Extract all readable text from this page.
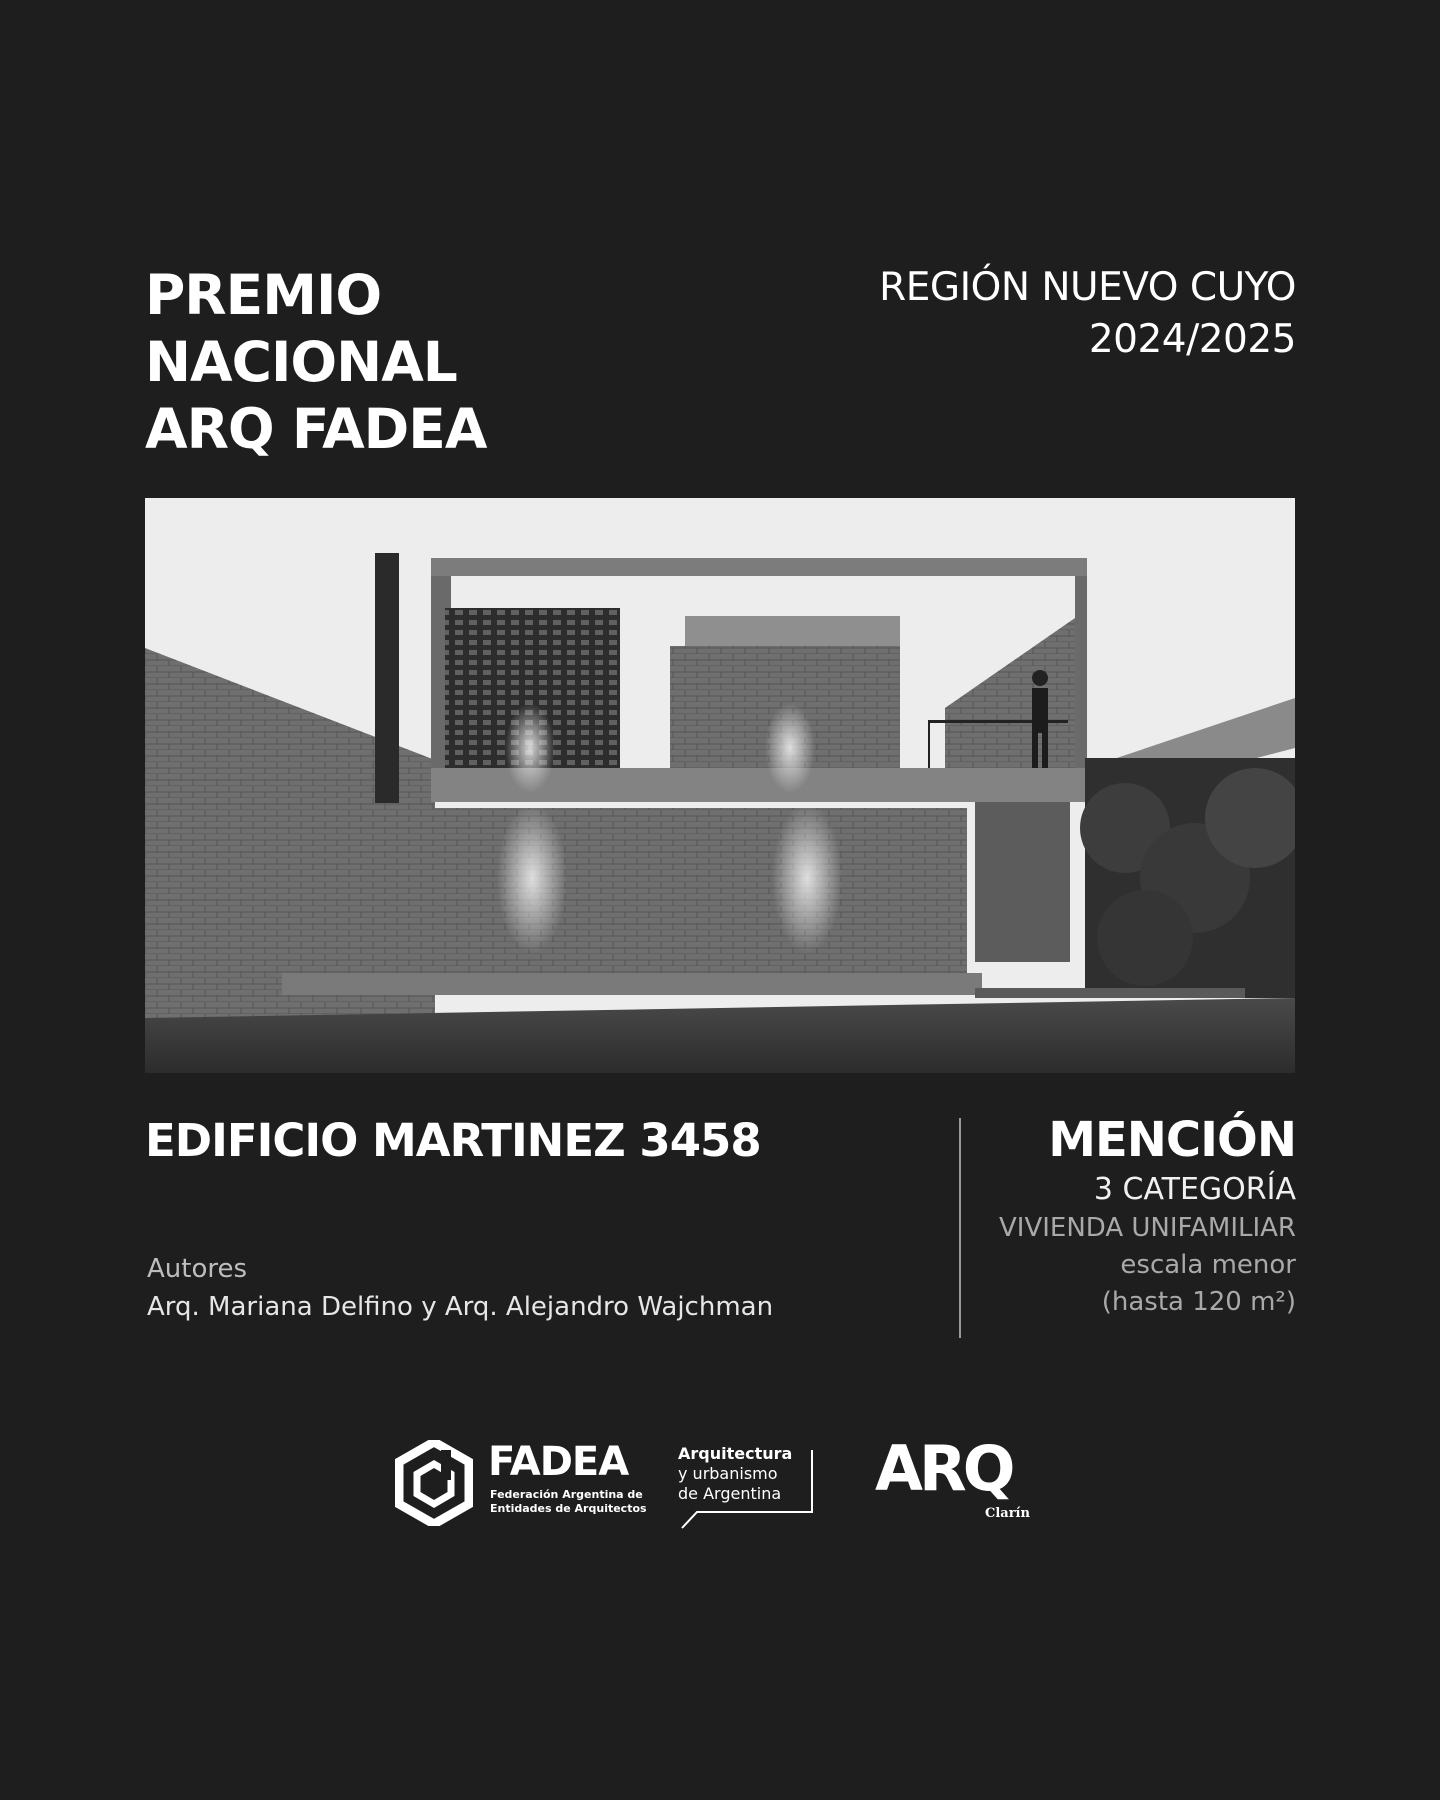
PREMIO
NACIONAL
ARQ FADEA
REGIÓN NUEVO CUYO
2024/2025
EDIFICIO MARTINEZ 3458
Autores
Arq. Mariana Delfino y Arq. Alejandro Wajchman
MENCIÓN
3 CATEGORÍA
VIVIENDA UNIFAMILIAR
escala menor
(hasta 120 m²)
FADEA
Federación Argentina de
Entidades de Arquitectos
Arquitectura
y urbanismo
de Argentina ARQ
Clarín
